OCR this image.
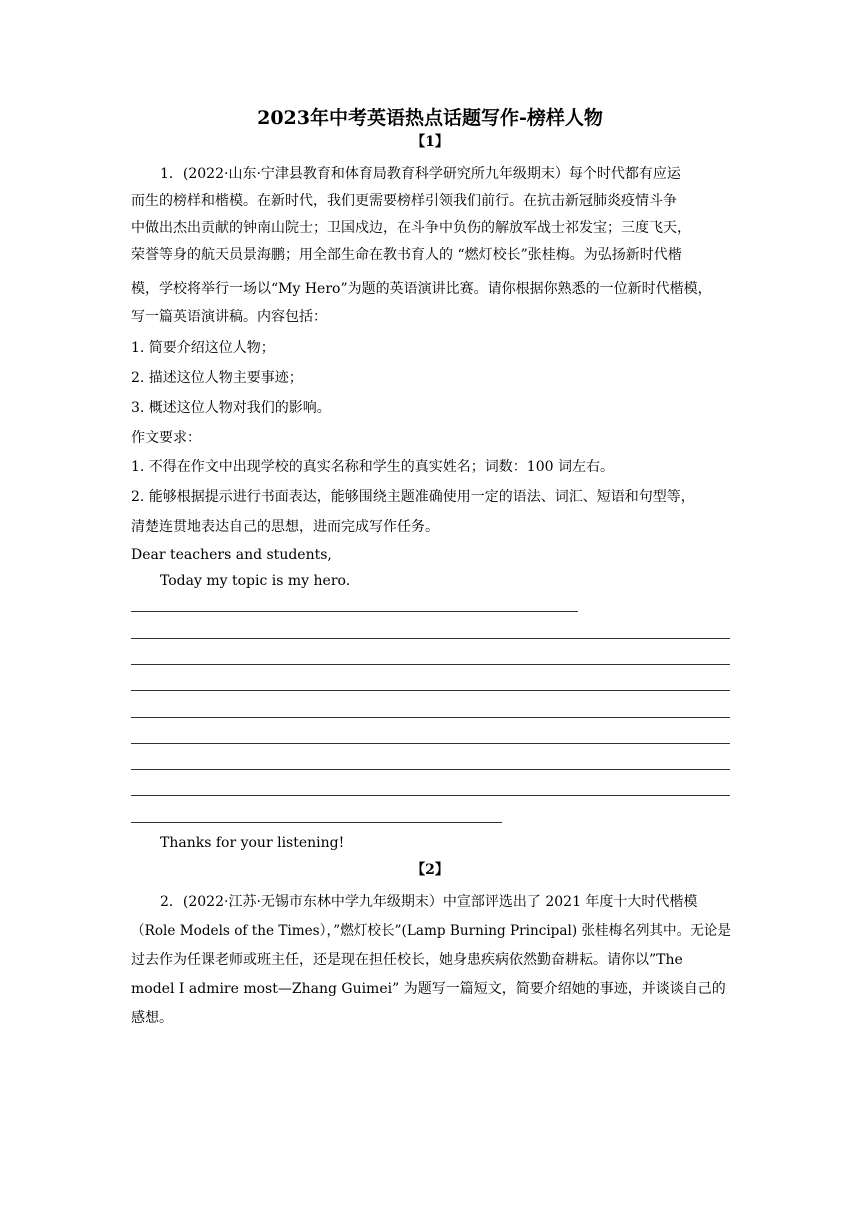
2023年中考英语热点话题写作-榜样人物
【1】
1．(2022·山东·宁津县教育和体育局教育科学研究所九年级期末）每个时代都有应运
而生的榜样和楷模。在新时代，我们更需要榜样引领我们前行。在抗击新冠肺炎疫情斗争
中做出杰出贡献的钟南山院士；卫国戍边，在斗争中负伤的解放军战士祁发宝；三度飞天，
荣誉等身的航天员景海鹏；用全部生命在教书育人的 “燃灯校长”张桂梅。为弘扬新时代楷
模，学校将举行一场以“My Hero”为题的英语演讲比赛。请你根据你熟悉的一位新时代楷模，
写一篇英语演讲稿。内容包括：
1. 简要介绍这位人物；
2. 描述这位人物主要事迹；
3. 概述这位人物对我们的影响。
作文要求：
1. 不得在作文中出现学校的真实名称和学生的真实姓名；词数：100 词左右。
2. 能够根据提示进行书面表达，能够围绕主题准确使用一定的语法、词汇、短语和句型等，
清楚连贯地表达自己的思想，进而完成写作任务。
Dear teachers and students,
Today my topic is my hero.
Thanks for your listening!
【2】
2．(2022·江苏·无锡市东林中学九年级期末）中宣部评选出了 2021 年度十大时代楷模
（Role Models of the Times），”燃灯校长”(Lamp Burning Principal) 张桂梅名列其中。无论是
过去作为任课老师或班主任，还是现在担任校长，她身患疾病依然勤奋耕耘。请你以”The
model I admire most—Zhang Guimei” 为题写一篇短文，简要介绍她的事迹，并谈谈自己的
感想。
